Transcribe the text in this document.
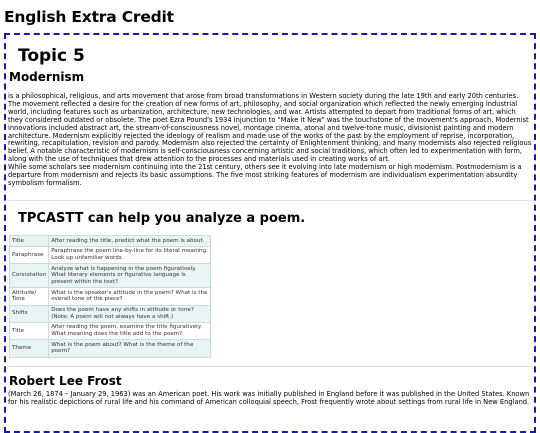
English Extra Credit
Topic 5
Modernism

is a philosophical, religious, and arts movement that arose from broad transformations in Western society during the late 19th and early 20th centuries. The movement reflected a desire for the creation of new forms of art, philosophy, and social organization which reflected the newly emerging industrial world, including features such as urbanization, architecture, new technologies, and war. Artists attempted to depart from traditional forms of art, which they considered outdated or obsolete. The poet Ezra Pound's 1934 injunction to "Make it New" was the touchstone of the movement's approach. Modernist innovations included abstract art, the stream-of-consciousness novel, montage cinema, atonal and twelve-tone music, divisionist painting and modern architecture. Modernism explicitly rejected the ideology of realism and made use of the works of the past by the employment of reprise, incorporation, rewriting, recapitulation, revision and parody. Modernism also rejected the certainty of Enlightenment thinking, and many modernists also rejected religious belief. A notable characteristic of modernism is self-consciousness concerning artistic and social traditions, which often led to experimentation with form, along with the use of techniques that drew attention to the processes and materials used in creating works of art.

While some scholars see modernism continuing into the 21st century, others see it evolving into late modernism or high modernism. Postmodernism is a departure from modernism and rejects its basic assumptions. The five most striking features of modernism are individualism experimentation absurdity symbolism formalism.

TPCASTT can help you analyze a poem.
Title	After reading the title, predict what the poem is about.
Paraphrase	Paraphrase the poem line-by-line for its literal meaning. Look up unfamiliar words.
Connotation	Analyze what is happening in the poem figuratively. What literary elements or figurative language is present within the text?
Attitude/ Tone	What is the speaker's attitude in the poem? What is the overall tone of the piece?
Shifts	Does the poem have any shifts in attitude or tone? (Note: A poem will not always have a shift.)
Title	After reading the poem, examine the title figuratively. What meaning does the title add to the poem?
Theme	What is the poem about? What is the theme of the poem?
Robert Lee Frost

(March 26, 1874 – January 29, 1963) was an American poet. His work was initially published in England before it was published in the United States. Known for his realistic depictions of rural life and his command of American colloquial speech, Frost frequently wrote about settings from rural life in New England.
